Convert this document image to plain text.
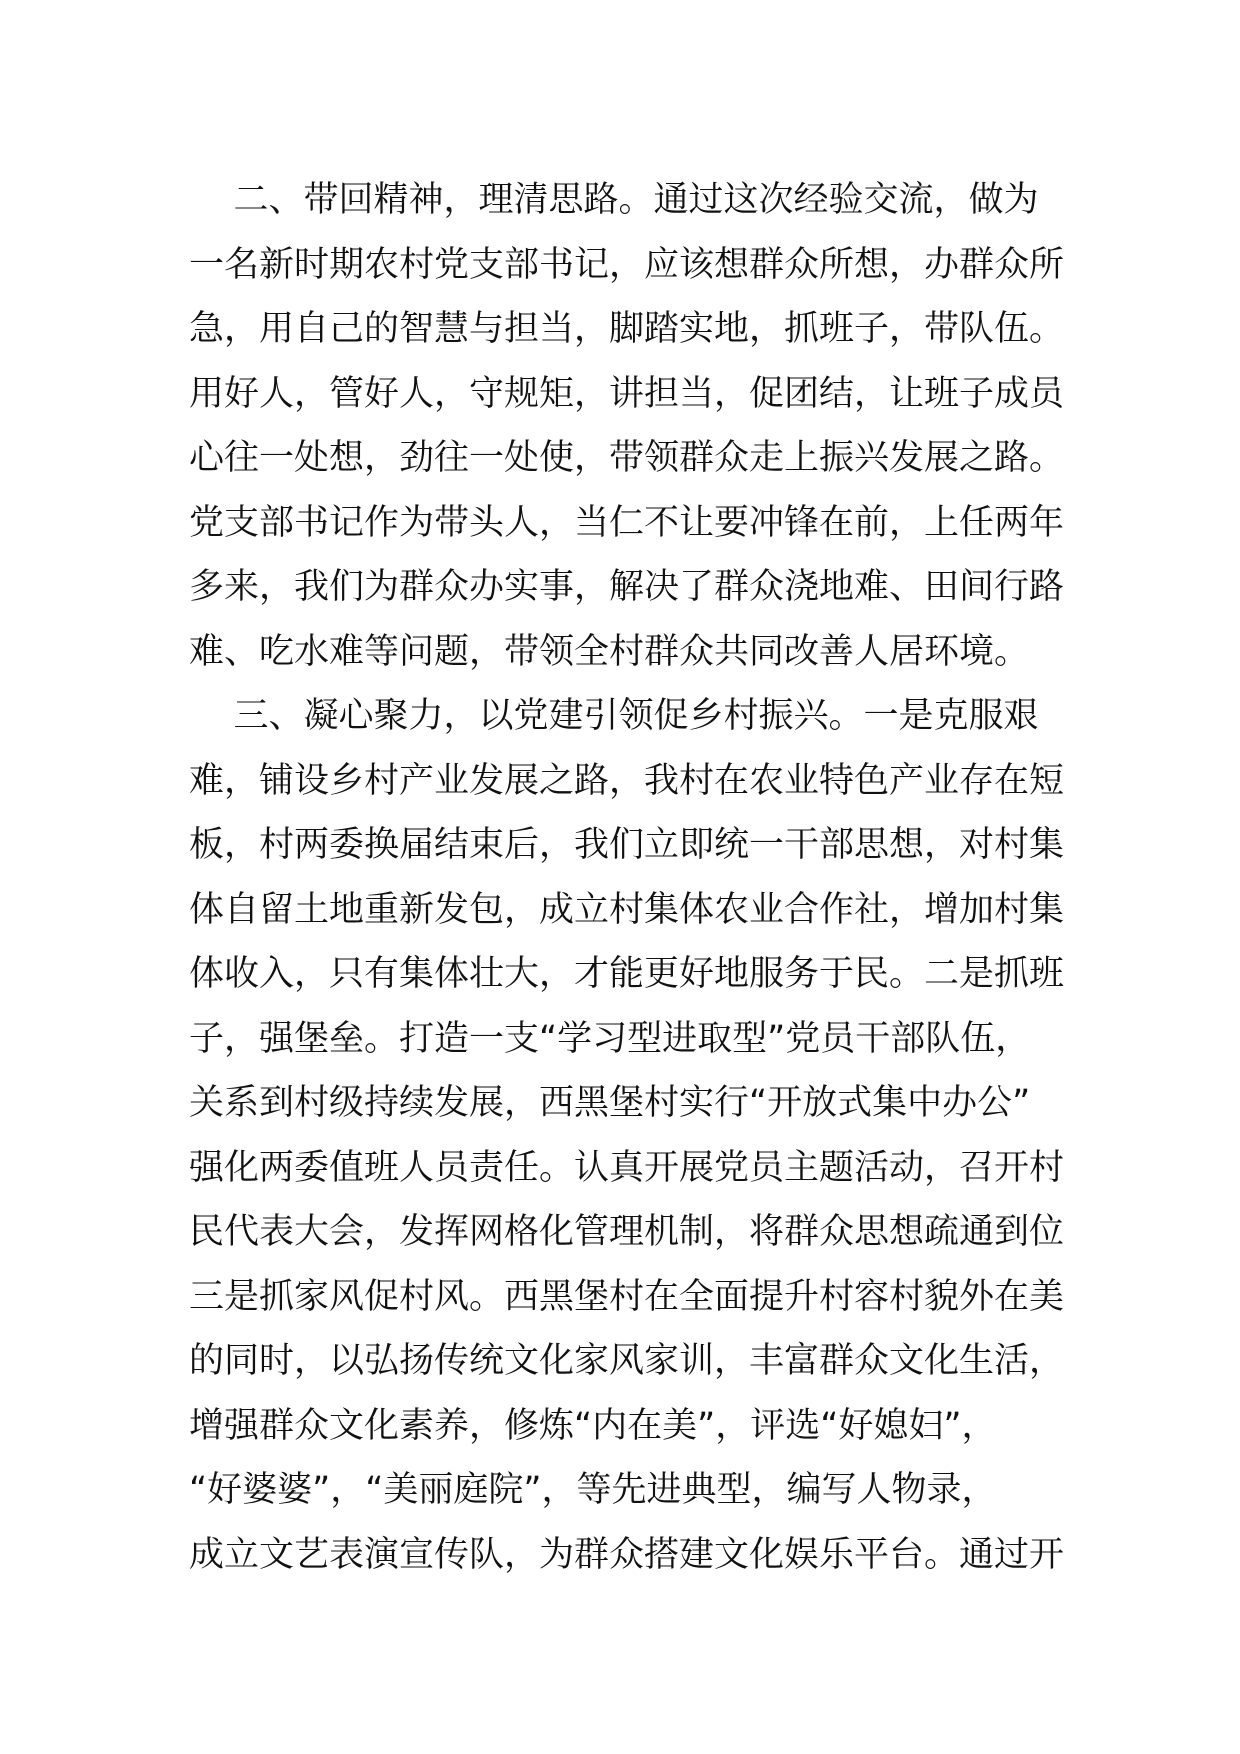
二、带回精神，理清思路。通过这次经验交流，做为
一名新时期农村党支部书记，应该想群众所想，办群众所
急，用自己的智慧与担当，脚踏实地，抓班子，带队伍。
用好人，管好人，守规矩，讲担当，促团结，让班子成员
心往一处想，劲往一处使，带领群众走上振兴发展之路。
党支部书记作为带头人，当仁不让要冲锋在前，上任两年
多来，我们为群众办实事，解决了群众浇地难、田间行路
难、吃水难等问题，带领全村群众共同改善人居环境。
三、凝心聚力，以党建引领促乡村振兴。一是克服艰
难，铺设乡村产业发展之路，我村在农业特色产业存在短
板，村两委换届结束后，我们立即统一干部思想，对村集
体自留土地重新发包，成立村集体农业合作社，增加村集
体收入，只有集体壮大，才能更好地服务于民。二是抓班
子，强堡垒。打造一支“学习型进取型”党员干部队伍，
关系到村级持续发展，西黑堡村实行“开放式集中办公”
强化两委值班人员责任。认真开展党员主题活动，召开村
民代表大会，发挥网格化管理机制，将群众思想疏通到位
三是抓家风促村风。西黑堡村在全面提升村容村貌外在美
的同时，以弘扬传统文化家风家训，丰富群众文化生活，
增强群众文化素养，修炼“内在美”，评选“好媳妇”，
“好婆婆”，“美丽庭院”，等先进典型，编写人物录，
成立文艺表演宣传队，为群众搭建文化娱乐平台。通过开
